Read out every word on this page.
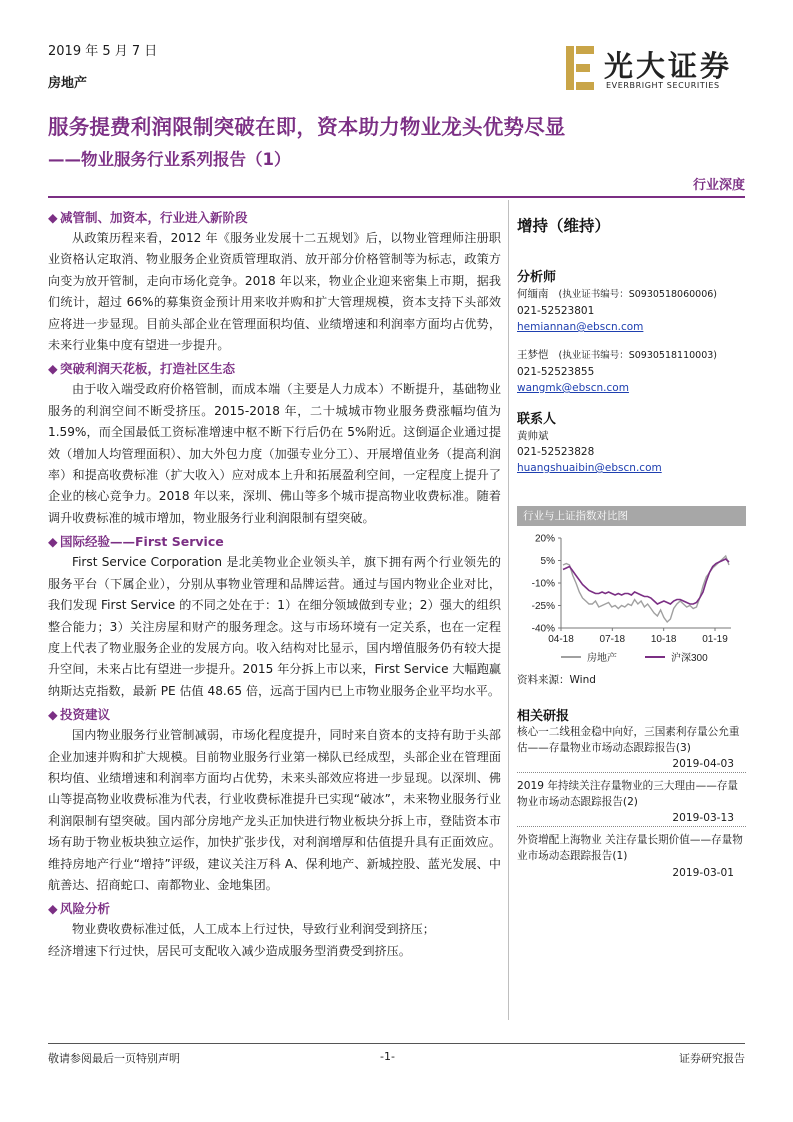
2019 年 5 月 7 日
房地产
光大证券
EVERBRIGHT SECURITIES
服务提费利润限制突破在即，资本助力物业龙头优势尽显
——物业服务行业系列报告（1）
行业深度
◆ 减管制、加资本，行业进入新阶段

从政策历程来看，2012 年《服务业发展十二五规划》后，以物业管理师注册职业资格认定取消、物业服务企业资质管理取消、放开部分价格管制等为标志，政策方向变为放开管制，走向市场化竞争。2018 年以来，物业企业迎来密集上市期，据我们统计，超过 66%的募集资金预计用来收并购和扩大管理规模，资本支持下头部效应将进一步显现。目前头部企业在管理面积均值、业绩增速和利润率方面均占优势，未来行业集中度有望进一步提升。

◆ 突破利润天花板，打造社区生态

由于收入端受政府价格管制，而成本端（主要是人力成本）不断提升，基础物业服务的利润空间不断受挤压。2015-2018 年，二十城城市物业服务费涨幅均值为 1.59%，而全国最低工资标准增速中枢不断下行后仍在 5%附近。这倒逼企业通过提效（增加人均管理面积）、加大外包力度（加强专业分工）、开展增值业务（提高利润率）和提高收费标准（扩大收入）应对成本上升和拓展盈利空间，一定程度上提升了企业的核心竞争力。2018 年以来，深圳、佛山等多个城市提高物业收费标准。随着调升收费标准的城市增加，物业服务行业利润限制有望突破。

◆ 国际经验——First Service

First Service Corporation 是北美物业企业领头羊，旗下拥有两个行业领先的服务平台（下属企业），分别从事物业管理和品牌运营。通过与国内物业企业对比，我们发现 First Service 的不同之处在于：1）在细分领域做到专业；2）强大的组织整合能力；3）关注房屋和财产的服务理念。这与市场环境有一定关系，也在一定程度上代表了物业服务企业的发展方向。收入结构对比显示，国内增值服务仍有较大提升空间，未来占比有望进一步提升。2015 年分拆上市以来，First Service 大幅跑赢纳斯达克指数，最新 PE 估值 48.65 倍，远高于国内已上市物业服务企业平均水平。

◆ 投资建议

国内物业服务行业管制减弱，市场化程度提升，同时来自资本的支持有助于头部企业加速并购和扩大规模。目前物业服务行业第一梯队已经成型，头部企业在管理面积均值、业绩增速和利润率方面均占优势，未来头部效应将进一步显现。以深圳、佛山等提高物业收费标准为代表，行业收费标准提升已实现“破冰”，未来物业服务行业利润限制有望突破。国内部分房地产龙头正加快进行物业板块分拆上市，登陆资本市场有助于物业板块独立运作，加快扩张步伐，对利润增厚和估值提升具有正面效应。维持房地产行业“增持”评级，建议关注万科 A、保利地产、新城控股、蓝光发展、中航善达、招商蛇口、南都物业、金地集团。

◆ 风险分析

物业费收费标准过低，人工成本上行过快，导致行业利润受到挤压；

经济增速下行过快，居民可支配收入减少造成服务型消费受到挤压。

增持（维持）
分析师
何缅南 (执业证书编号：S0930518060006)
021-52523801
hemiannan@ebscn.com
王梦恺 (执业证书编号：S0930518110003)
021-52523855
wangmk@ebscn.com
联系人
黄帅斌
021-52523828
huangshuaibin@ebscn.com
行业与上证指数对比图
20%
5%
-10%
-25%
-40%
04-18	07-18	10-18	01-19
房地产	沪深300
资料来源：Wind
相关研报
核心一二线租金稳中向好，三国素利存量公允重估——存量物业市场动态跟踪报告(3)
2019-04-03
2019 年持续关注存量物业的三大理由——存量物业市场动态跟踪报告(2)
2019-03-13
外资增配上海物业 关注存量长期价值——存量物业市场动态跟踪报告(1)
2019-03-01
敬请参阅最后一页特别声明	-1-	证券研究报告
